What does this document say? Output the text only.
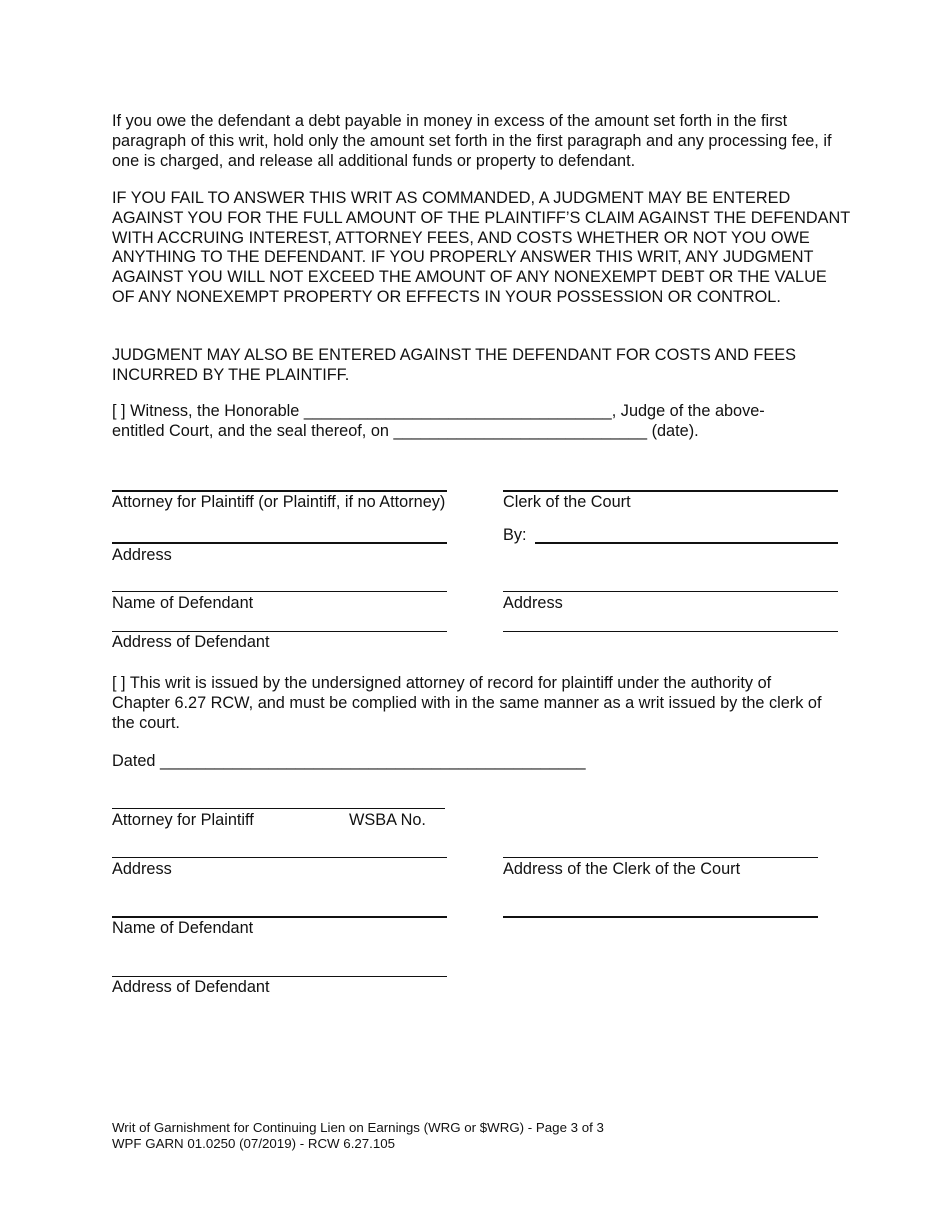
If you owe the defendant a debt payable in money in excess of the amount set forth in the first paragraph of this writ, hold only the amount set forth in the first paragraph and any processing fee, if one is charged, and release all additional funds or property to defendant.

IF YOU FAIL TO ANSWER THIS WRIT AS COMMANDED, A JUDGMENT MAY BE ENTERED AGAINST YOU FOR THE FULL AMOUNT OF THE PLAINTIFF’S CLAIM AGAINST THE DEFENDANT WITH ACCRUING INTEREST, ATTORNEY FEES, AND COSTS WHETHER OR NOT YOU OWE ANYTHING TO THE DEFENDANT. IF YOU PROPERLY ANSWER THIS WRIT, ANY JUDGMENT AGAINST YOU WILL NOT EXCEED THE AMOUNT OF ANY NONEXEMPT DEBT OR THE VALUE OF ANY NONEXEMPT PROPERTY OR EFFECTS IN YOUR POSSESSION OR CONTROL.

JUDGMENT MAY ALSO BE ENTERED AGAINST THE DEFENDANT FOR COSTS AND FEES INCURRED BY THE PLAINTIFF.

[ ] Witness, the Honorable __________________________________, Judge of the above-
entitled Court, and the seal thereof, on ____________________________ (date).
Attorney for Plaintiff (or Plaintiff, if no Attorney)
Address
Name of Defendant
Address of Defendant
Clerk of the Court
By:
Address

[ ] This writ is issued by the undersigned attorney of record for plaintiff under the authority of Chapter 6.27 RCW, and must be complied with in the same manner as a writ issued by the clerk of the court.

Dated _______________________________________________
Attorney for Plaintiff	WSBA No.
Address
Name of Defendant
Address of Defendant
Address of the Clerk of the Court
Writ of Garnishment for Continuing Lien on Earnings (WRG or $WRG) - Page 3 of 3
WPF GARN 01.0250 (07/2019) - RCW 6.27.105
